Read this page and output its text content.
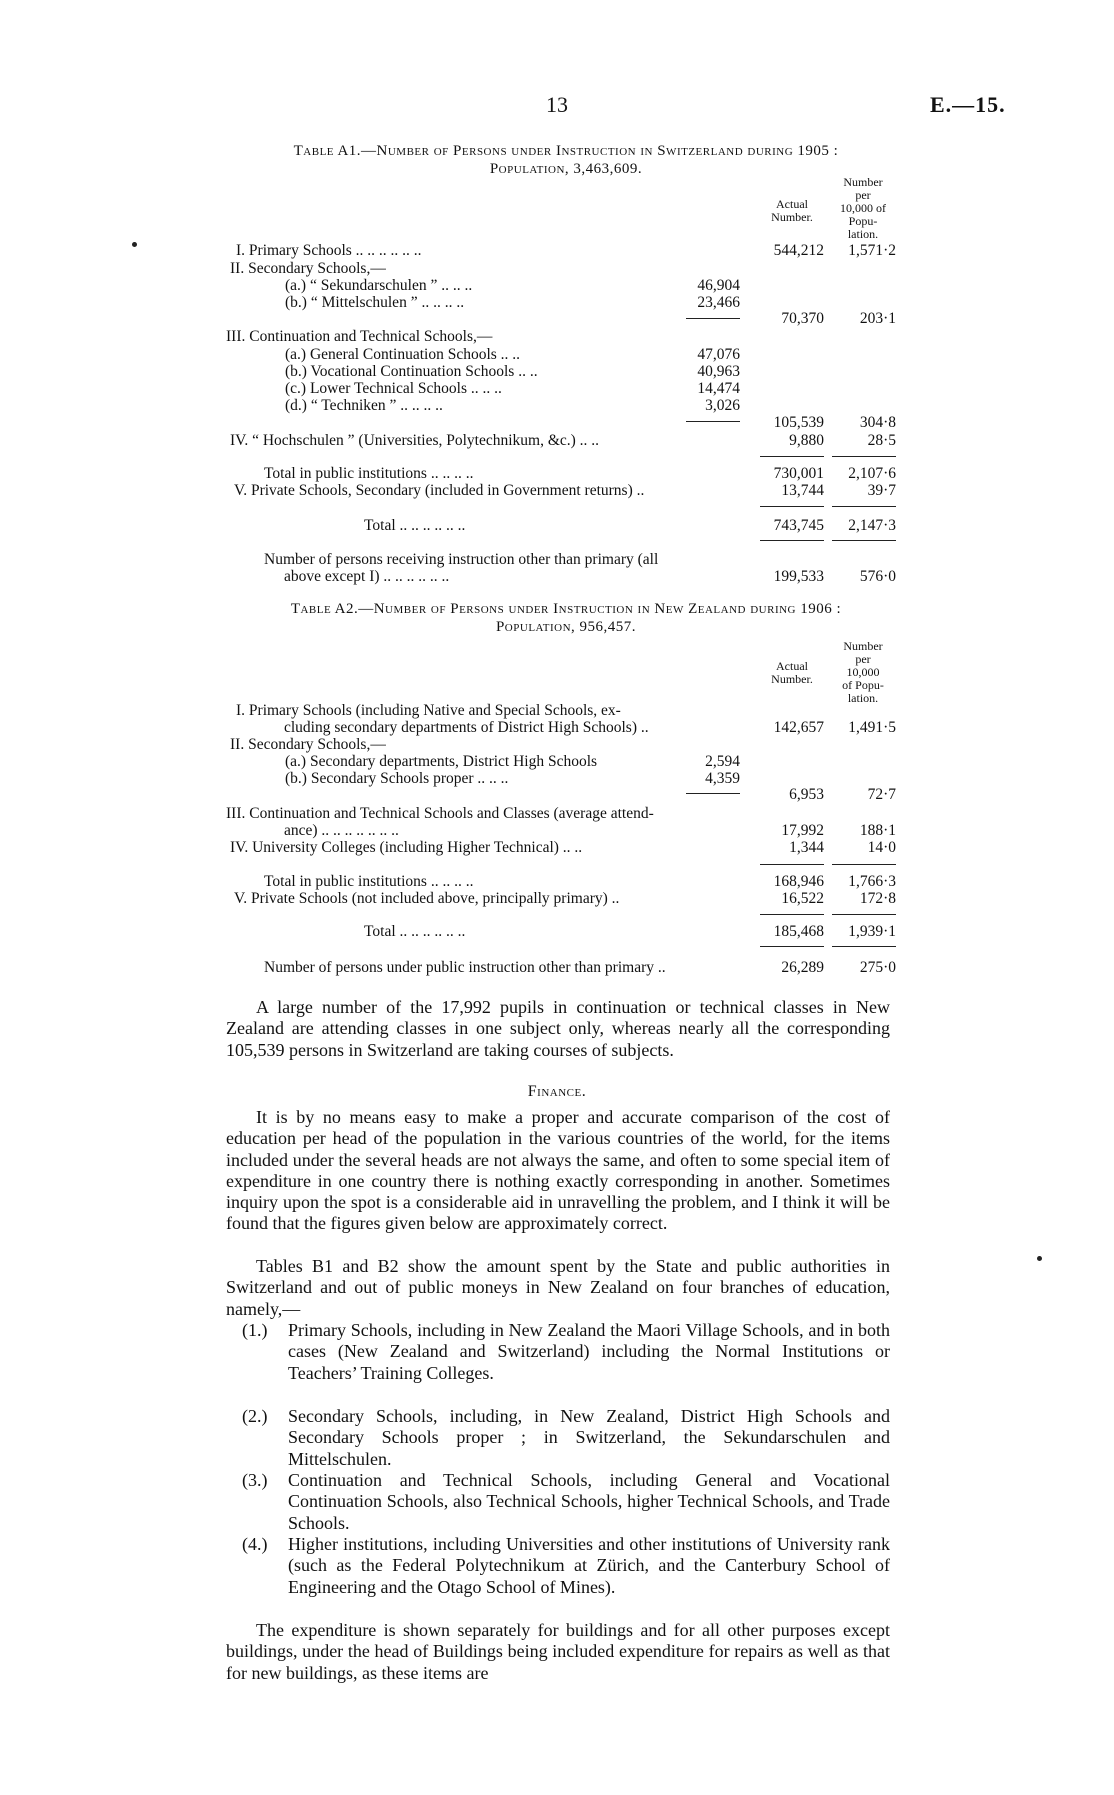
13	E.—15.
Table A1.—Number of Persons under Instruction in Switzerland during 1905 :
Population, 3,463,609.
Actual
Number.
Number
per
10,000 of
Popu-
lation.
I. Primary Schools .. .. .. .. .. ..	544,212	1,571·2
II. Secondary Schools,—
(a.) “ Sekundarschulen ” .. .. ..	46,904
(b.) “ Mittelschulen ” .. .. .. ..	23,466
70,370	203·1
III. Continuation and Technical Schools,—
(a.) General Continuation Schools .. ..	47,076
(b.) Vocational Continuation Schools .. ..	40,963
(c.) Lower Technical Schools .. .. ..	14,474
(d.) “ Techniken ” .. .. .. ..	3,026
105,539	304·8
IV. “ Hochschulen ” (Universities, Polytechnikum, &c.) .. ..	9,880	28·5
Total in public institutions .. .. .. ..	730,001	2,107·6
V. Private Schools, Secondary (included in Government returns) ..	13,744	39·7
Total .. .. .. .. .. ..	743,745	2,147·3
Number of persons receiving instruction other than primary (all
above except I) .. .. .. .. .. ..	199,533	576·0
Table A2.—Number of Persons under Instruction in New Zealand during 1906 :
Population, 956,457.
Actual
Number.
Number
per
10,000
of Popu-
lation.
I. Primary Schools (including Native and Special Schools, ex-
cluding secondary departments of District High Schools) ..	142,657	1,491·5
II. Secondary Schools,—
(a.) Secondary departments, District High Schools	2,594
(b.) Secondary Schools proper .. .. ..	4,359
6,953	72·7
III. Continuation and Technical Schools and Classes (average attend-
ance) .. .. .. .. .. .. ..	17,992	188·1
IV. University Colleges (including Higher Technical) .. ..	1,344	14·0
Total in public institutions .. .. .. ..	168,946	1,766·3
V. Private Schools (not included above, principally primary) ..	16,522	172·8
Total .. .. .. .. .. ..	185,468	1,939·1
Number of persons under public instruction other than primary ..	26,289	275·0
A large number of the 17,992 pupils in continuation or technical classes in New Zealand are attending classes in one subject only, whereas nearly all the corresponding 105,539 persons in Switzerland are taking courses of subjects.
Finance.
It is by no means easy to make a proper and accurate comparison of the cost of education per head of the population in the various countries of the world, for the items included under the several heads are not always the same, and often to some special item of expenditure in one country there is nothing exactly corresponding in another. Sometimes inquiry upon the spot is a considerable aid in unravelling the problem, and I think it will be found that the figures given below are approximately correct.
Tables B1 and B2 show the amount spent by the State and public authorities in Switzerland and out of public moneys in New Zealand on four branches of education, namely,—
(1.) Primary Schools, including in New Zealand the Maori Village Schools, and in both cases (New Zealand and Switzerland) including the Normal Institutions or Teachers’ Training Colleges.
(2.) Secondary Schools, including, in New Zealand, District High Schools and Secondary Schools proper ; in Switzerland, the Sekundarschulen and Mittelschulen.
(3.) Continuation and Technical Schools, including General and Vocational Continuation Schools, also Technical Schools, higher Technical Schools, and Trade Schools.
(4.) Higher institutions, including Universities and other institutions of University rank (such as the Federal Polytechnikum at Zürich, and the Canterbury School of Engineering and the Otago School of Mines).
The expenditure is shown separately for buildings and for all other purposes except buildings, under the head of Buildings being included expenditure for repairs as well as that for new buildings, as these items are
